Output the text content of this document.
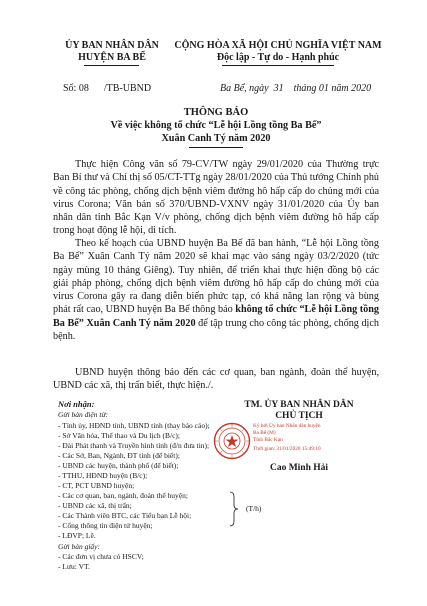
ỦY BAN NHÂN DÂN
HUYỆN BA BỂ
CỘNG HÒA XÃ HỘI CHỦ NGHĨA VIỆT NAM
Độc lập - Tự do - Hạnh phúc
Số: 08 /TB-UBND	Ba Bể, ngày 31 tháng 01 năm 2020
THÔNG BÁO
Về việc không tổ chức “Lễ hội Lồng tồng Ba Bể”
Xuân Canh Tý năm 2020

Thực hiện Công văn số 79-CV/TW ngày 29/01/2020 của Thường trực Ban Bí thư và Chỉ thị số 05/CT-TTg ngày 28/01/2020 của Thủ tướng Chính phủ về công tác phòng, chống dịch bệnh viêm đường hô hấp cấp do chủng mới của virus Corona; Văn bản số 370/UBND-VXNV ngày 31/01/2020 của Ủy ban nhân dân tỉnh Bắc Kạn V/v phòng, chống dịch bệnh viêm đường hô hấp cấp trong hoạt động lễ hội, di tích.

Theo kế hoạch của UBND huyện Ba Bể đã ban hành, “Lễ hội Lồng tồng Ba Bể” Xuân Canh Tý năm 2020 sẽ khai mạc vào sáng ngày 03/2/2020 (tức ngày mùng 10 tháng Giêng). Tuy nhiên, để triển khai thực hiện đồng bộ các giải pháp phòng, chống dịch bệnh viêm đường hô hấp cấp do chủng mới của virus Corona gây ra đang diễn biến phức tạp, có khả năng lan rộng và bùng phát rất cao, UBND huyện Ba Bể thông báo không tổ chức “Lễ hội Lồng tồng Ba Bể” Xuân Canh Tý năm 2020 để tập trung cho công tác phòng, chống dịch bệnh.

UBND huyện thông báo đến các cơ quan, ban ngành, đoàn thể huyện, UBND các xã, thị trấn biết, thực hiện./.

Nơi nhận:
Gửi bản điện tử:
- Tỉnh ủy, HĐND tỉnh, UBND tỉnh (thay báo cáo);
- Sở Văn hóa, Thể thao và Du lịch (B/c);
- Đài Phát thanh và Truyền hình tỉnh (đ/n đưa tin);
- Các Sở, Ban, Ngành, ĐT tỉnh (để biết);
- UBND các huyện, thành phố (để biết);
- TTHU, HĐND huyện (B/c);
- CT, PCT UBND huyện;
- Các cơ quan, ban, ngành, đoàn thể huyện;
- UBND các xã, thị trấn;
- Các Thành viên BTC, các Tiểu ban Lễ hội;
- Cổng thông tin điện tử huyện;
- LĐVP; Lê.
(T/h)
Gửi bản giấy:
- Các đơn vị chưa có HSCV;
- Lưu: VT.
TM. ỦY BAN NHÂN DÂN
CHỦ TỊCH
Ký bởi Ủy ban Nhân dân huyện
Ba Bể (M)
Tỉnh Bắc Kạn
Thời gian: 31/01/2020 15:49:10
Cao Minh Hải
